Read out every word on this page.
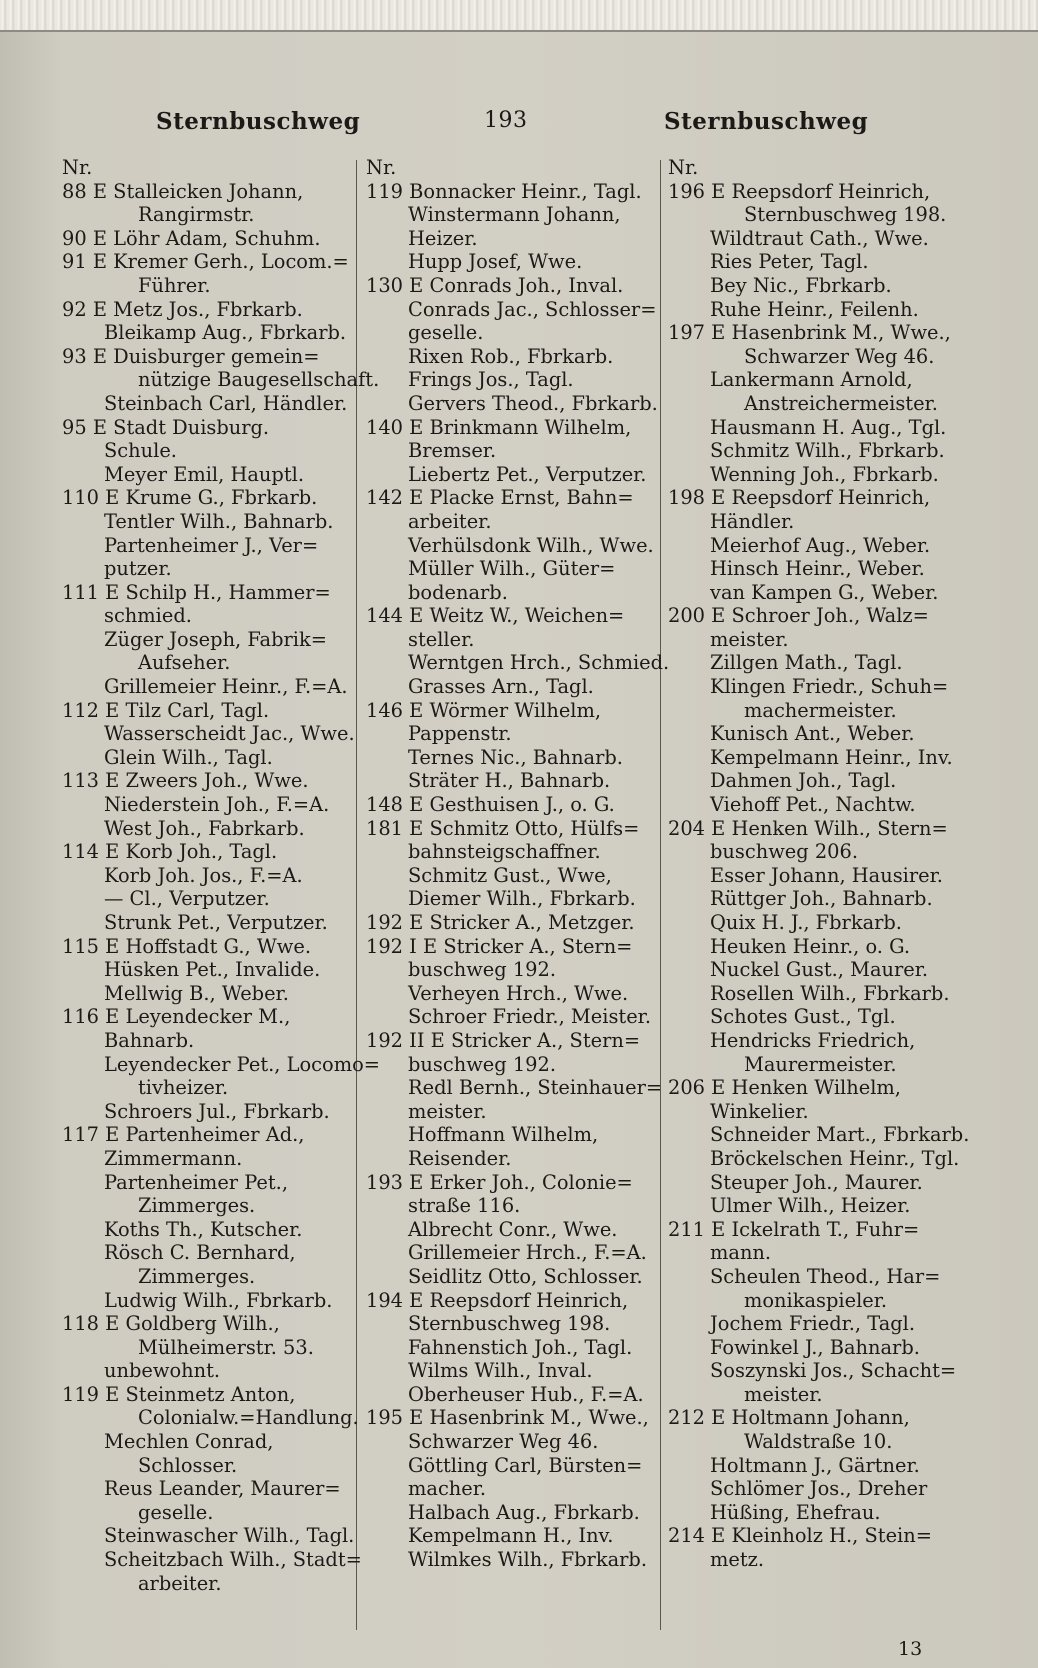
Sternbuschweg	193	Sternbuschweg
Nr.
88 E Stalleicken Johann,
Rangirmstr.
90 E Löhr Adam, Schuhm.
91 E Kremer Gerh., Locom.=
Führer.
92 E Metz Jos., Fbrkarb.
Bleikamp Aug., Fbrkarb.
93 E Duisburger gemein=
nützige Baugesellschaft.
Steinbach Carl, Händler.
95 E Stadt Duisburg.
Schule.
Meyer Emil, Hauptl.
110 E Krume G., Fbrkarb.
Tentler Wilh., Bahnarb.
Partenheimer J., Ver=
putzer.
111 E Schilp H., Hammer=
schmied.
Züger Joseph, Fabrik=
Aufseher.
Grillemeier Heinr., F.=A.
112 E Tilz Carl, Tagl.
Wasserscheidt Jac., Wwe.
Glein Wilh., Tagl.
113 E Zweers Joh., Wwe.
Niederstein Joh., F.=A.
West Joh., Fabrkarb.
114 E Korb Joh., Tagl.
Korb Joh. Jos., F.=A.
— Cl., Verputzer.
Strunk Pet., Verputzer.
115 E Hoffstadt G., Wwe.
Hüsken Pet., Invalide.
Mellwig B., Weber.
116 E Leyendecker M.,
Bahnarb.
Leyendecker Pet., Locomo=
tivheizer.
Schroers Jul., Fbrkarb.
117 E Partenheimer Ad.,
Zimmermann.
Partenheimer Pet.,
Zimmerges.
Koths Th., Kutscher.
Rösch C. Bernhard,
Zimmerges.
Ludwig Wilh., Fbrkarb.
118 E Goldberg Wilh.,
Mülheimerstr. 53.
unbewohnt.
119 E Steinmetz Anton,
Colonialw.=Handlung.
Mechlen Conrad,
Schlosser.
Reus Leander, Maurer=
geselle.
Steinwascher Wilh., Tagl.
Scheitzbach Wilh., Stadt=
arbeiter.
Nr.
119 Bonnacker Heinr., Tagl.
Winstermann Johann,
Heizer.
Hupp Josef, Wwe.
130 E Conrads Joh., Inval.
Conrads Jac., Schlosser=
geselle.
Rixen Rob., Fbrkarb.
Frings Jos., Tagl.
Gervers Theod., Fbrkarb.
140 E Brinkmann Wilhelm,
Bremser.
Liebertz Pet., Verputzer.
142 E Placke Ernst, Bahn=
arbeiter.
Verhülsdonk Wilh., Wwe.
Müller Wilh., Güter=
bodenarb.
144 E Weitz W., Weichen=
steller.
Werntgen Hrch., Schmied.
Grasses Arn., Tagl.
146 E Wörmer Wilhelm,
Pappenstr.
Ternes Nic., Bahnarb.
Sträter H., Bahnarb.
148 E Gesthuisen J., o. G.
181 E Schmitz Otto, Hülfs=
bahnsteigschaffner.
Schmitz Gust., Wwe,
Diemer Wilh., Fbrkarb.
192 E Stricker A., Metzger.
192 I E Stricker A., Stern=
buschweg 192.
Verheyen Hrch., Wwe.
Schroer Friedr., Meister.
192 II E Stricker A., Stern=
buschweg 192.
Redl Bernh., Steinhauer=
meister.
Hoffmann Wilhelm,
Reisender.
193 E Erker Joh., Colonie=
straße 116.
Albrecht Conr., Wwe.
Grillemeier Hrch., F.=A.
Seidlitz Otto, Schlosser.
194 E Reepsdorf Heinrich,
Sternbuschweg 198.
Fahnenstich Joh., Tagl.
Wilms Wilh., Inval.
Oberheuser Hub., F.=A.
195 E Hasenbrink M., Wwe.,
Schwarzer Weg 46.
Göttling Carl, Bürsten=
macher.
Halbach Aug., Fbrkarb.
Kempelmann H., Inv.
Wilmkes Wilh., Fbrkarb.
Nr.
196 E Reepsdorf Heinrich,
Sternbuschweg 198.
Wildtraut Cath., Wwe.
Ries Peter, Tagl.
Bey Nic., Fbrkarb.
Ruhe Heinr., Feilenh.
197 E Hasenbrink M., Wwe.,
Schwarzer Weg 46.
Lankermann Arnold,
Anstreichermeister.
Hausmann H. Aug., Tgl.
Schmitz Wilh., Fbrkarb.
Wenning Joh., Fbrkarb.
198 E Reepsdorf Heinrich,
Händler.
Meierhof Aug., Weber.
Hinsch Heinr., Weber.
van Kampen G., Weber.
200 E Schroer Joh., Walz=
meister.
Zillgen Math., Tagl.
Klingen Friedr., Schuh=
machermeister.
Kunisch Ant., Weber.
Kempelmann Heinr., Inv.
Dahmen Joh., Tagl.
Viehoff Pet., Nachtw.
204 E Henken Wilh., Stern=
buschweg 206.
Esser Johann, Hausirer.
Rüttger Joh., Bahnarb.
Quix H. J., Fbrkarb.
Heuken Heinr., o. G.
Nuckel Gust., Maurer.
Rosellen Wilh., Fbrkarb.
Schotes Gust., Tgl.
Hendricks Friedrich,
Maurermeister.
206 E Henken Wilhelm,
Winkelier.
Schneider Mart., Fbrkarb.
Bröckelschen Heinr., Tgl.
Steuper Joh., Maurer.
Ulmer Wilh., Heizer.
211 E Ickelrath T., Fuhr=
mann.
Scheulen Theod., Har=
monikaspieler.
Jochem Friedr., Tagl.
Fowinkel J., Bahnarb.
Soszynski Jos., Schacht=
meister.
212 E Holtmann Johann,
Waldstraße 10.
Holtmann J., Gärtner.
Schlömer Jos., Dreher
Hüßing, Ehefrau.
214 E Kleinholz H., Stein=
metz.
13
